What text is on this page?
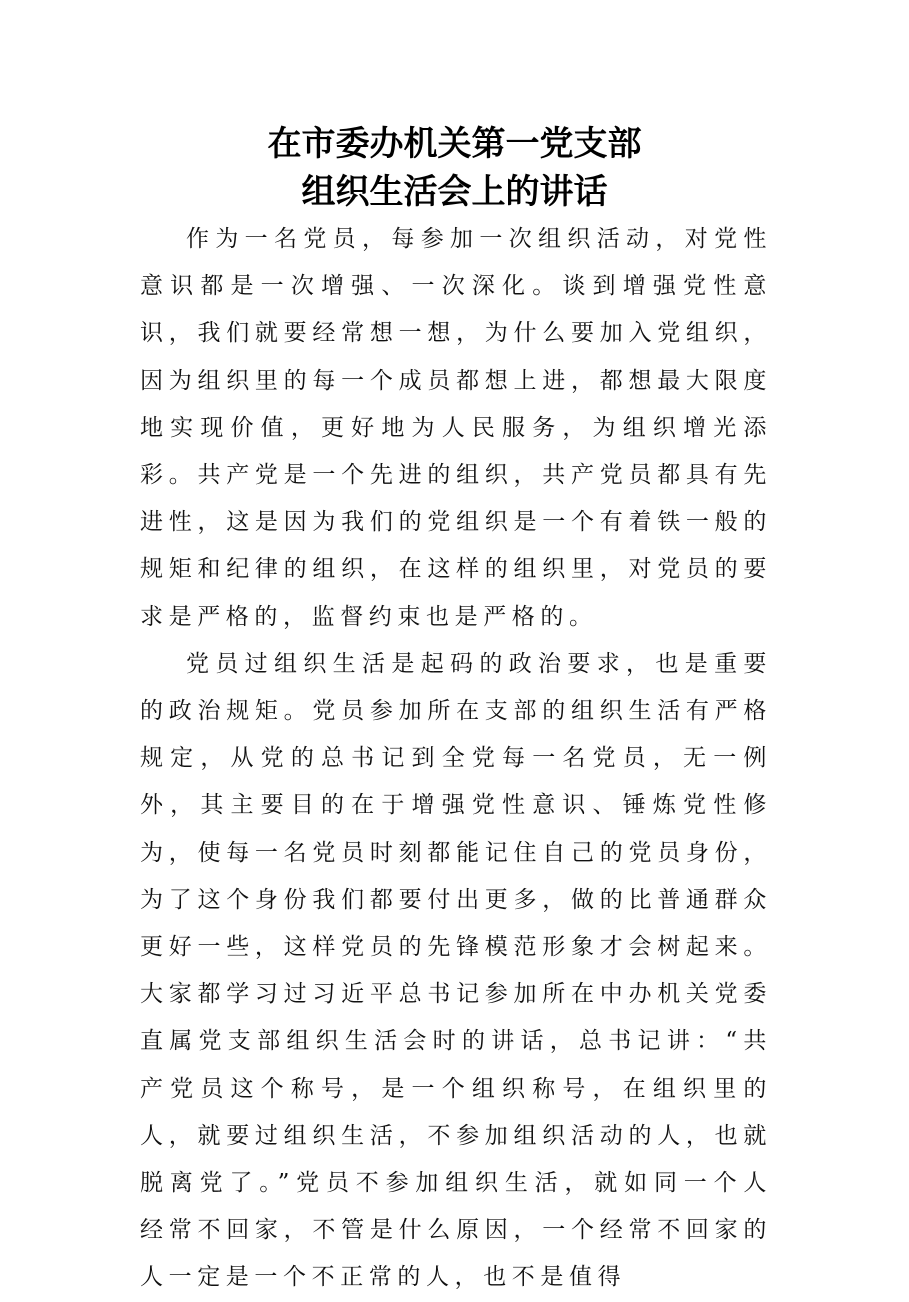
在市委办机关第一党支部
组织生活会上的讲话

作为一名党员，每参加一次组织活动，对党性意识都是一次增强、一次深化。谈到增强党性意识，我们就要经常想一想，为什么要加入党组织，因为组织里的每一个成员都想上进，都想最大限度地实现价值，更好地为人民服务，为组织增光添彩。共产党是一个先进的组织，共产党员都具有先进性，这是因为我们的党组织是一个有着铁一般的规矩和纪律的组织，在这样的组织里，对党员的要求是严格的，监督约束也是严格的。

党员过组织生活是起码的政治要求，也是重要的政治规矩。党员参加所在支部的组织生活有严格规定，从党的总书记到全党每一名党员，无一例外，其主要目的在于增强党性意识、锤炼党性修为，使每一名党员时刻都能记住自己的党员身份，为了这个身份我们都要付出更多，做的比普通群众更好一些，这样党员的先锋模范形象才会树起来。大家都学习过习近平总书记参加所在中办机关党委直属党支部组织生活会时的讲话，总书记讲：“共产党员这个称号，是一个组织称号，在组织里的人，就要过组织生活，不参加组织活动的人，也就脱离党了。”党员不参加组织生活，就如同一个人经常不回家，不管是什么原因，一个经常不回家的人一定是一个不正常的人，也不是值得
